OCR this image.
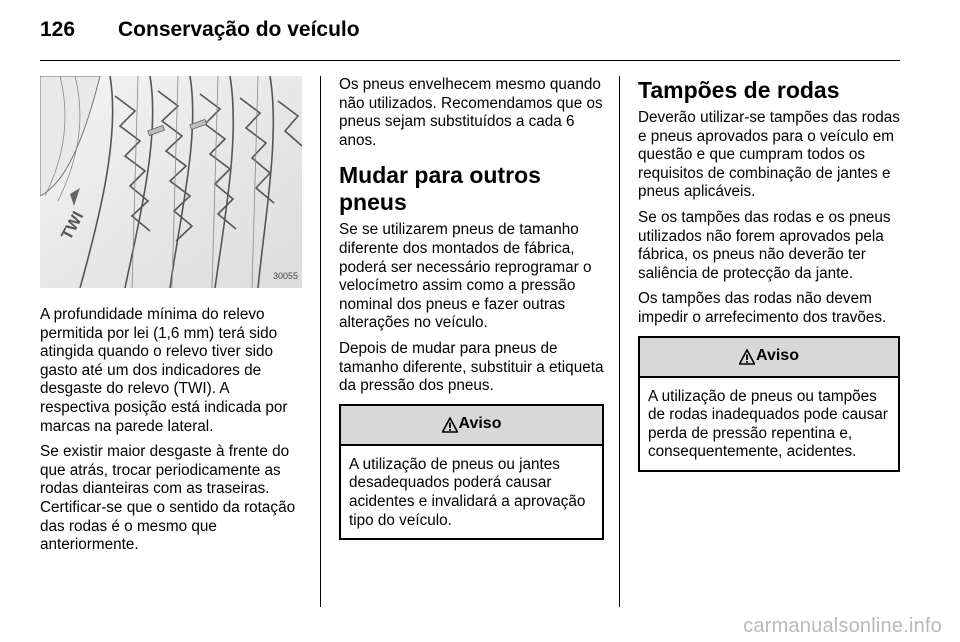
126	Conservação do veículo
TWI
30055

A profundidade mínima do relevo permitida por lei (1,6 mm) terá sido atingida quando o relevo tiver sido gasto até um dos indicadores de desgaste do relevo (TWI). A respectiva posição está indicada por marcas na parede lateral.

Se existir maior desgaste à frente do que atrás, trocar periodicamente as rodas dianteiras com as traseiras. Certificar-se que o sentido da rotação das rodas é o mesmo que anteriormente.

Os pneus envelhecem mesmo quando não utilizados. Recomendamos que os pneus sejam substituídos a cada 6 anos.

Mudar para outros pneus

Se se utilizarem pneus de tamanho diferente dos montados de fábrica, poderá ser necessário reprogramar o velocímetro assim como a pressão nominal dos pneus e fazer outras alterações no veículo.

Depois de mudar para pneus de tamanho diferente, substituir a etiqueta da pressão dos pneus.

Aviso
A utilização de pneus ou jantes desadequados poderá causar acidentes e invalidará a aprovação tipo do veículo.
Tampões de rodas

Deverão utilizar-se tampões das rodas e pneus aprovados para o veículo em questão e que cumpram todos os requisitos de combinação de jantes e pneus aplicáveis.

Se os tampões das rodas e os pneus utilizados não forem aprovados pela fábrica, os pneus não deverão ter saliência de protecção da jante.

Os tampões das rodas não devem impedir o arrefecimento dos travões.

Aviso
A utilização de pneus ou tampões de rodas inadequados pode causar perda de pressão repentina e, consequentemente, acidentes.
carmanualsonline.info
